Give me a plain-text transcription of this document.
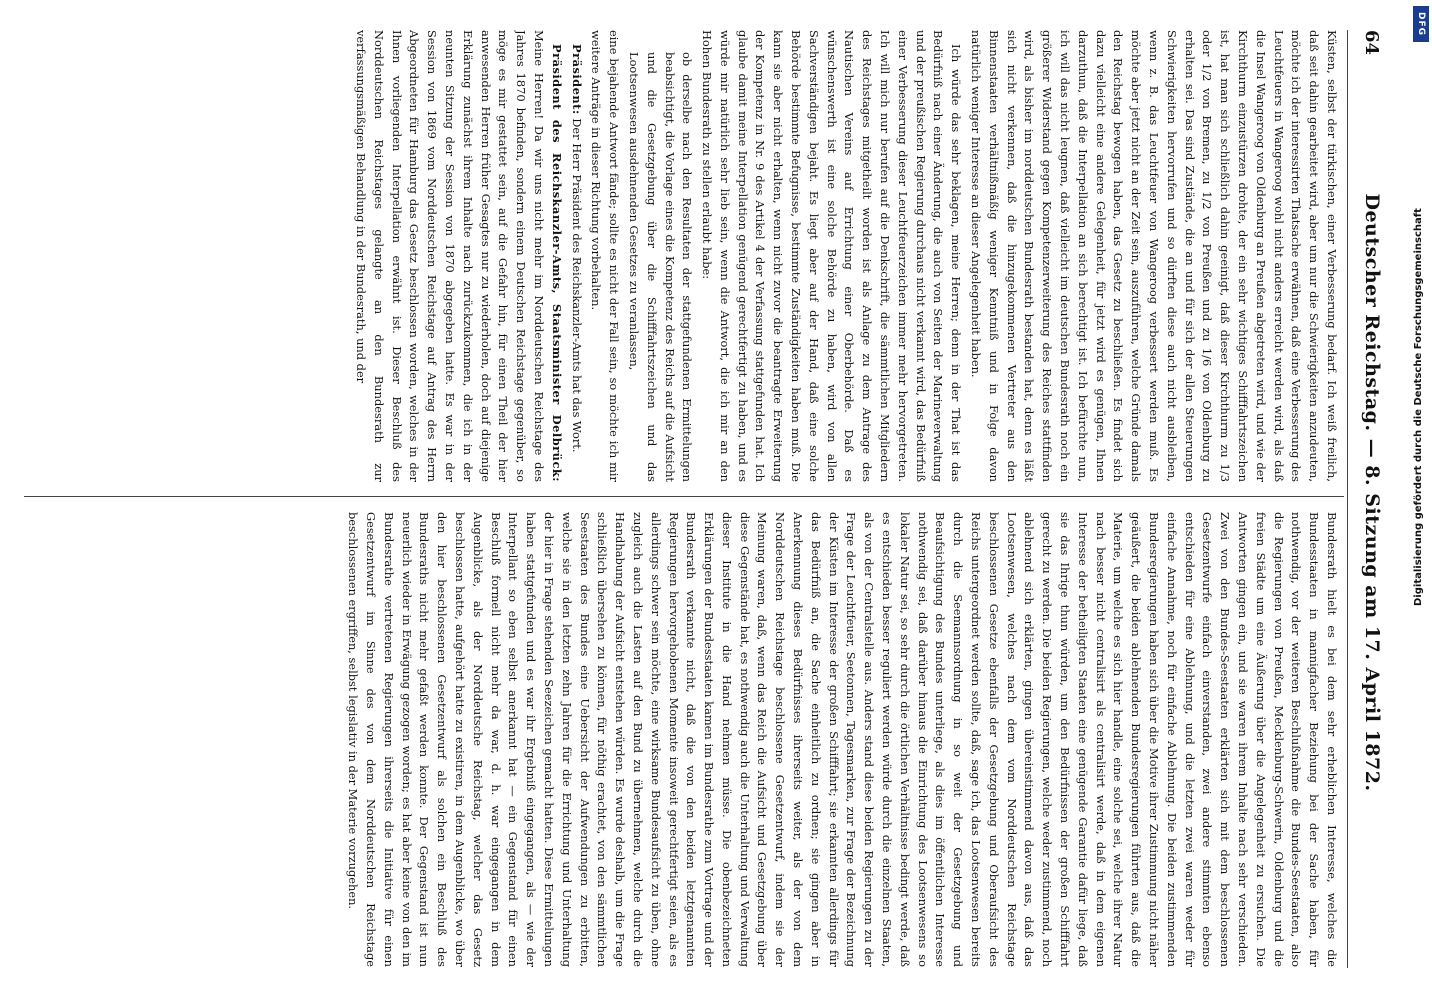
64
Deutscher Reichstag. — 8. Sitzung am 17. April 1872.

Küsten, selbst der türkischen, einer Verbesserung bedarf. Ich weiß freilich, daß seit dahin gearbeitet wird, aber um nur die Schwierigkeiten anzudeuten, möchte ich der interessirten Thatsache erwähnen, daß eine Verbesserung des Leuchtfeuers in Wangeroog wohl nicht anders erreicht werden wird, als daß die Insel Wangeroog von Oldenburg an Preußen abgetreten wird, und wie der Kirchthurm einzustürzen drohte, der ein sehr wichtiges Schifffahrtszeichen ist, hat man sich schließlich dahin geeinigt, daß dieser Kirchthurm zu 1/3 oder 1/2 von Bremen, zu 1/2 von Preußen und zu 1/6 von Oldenburg zu erhalten sei. Das sind Zustände, die an und für sich der allen Steuerungen Schwierigkeiten hervorrufen und so dürften diese auch nicht ausbleiben, wenn z. B. das Leuchtfeuer von Wangeroog verbessert werden muß. Es möchte aber jetzt nicht an der Zeit sein, auszuführen, welche Gründe damals den Reichstag bewogen haben, das Gesetz zu beschließen. Es findet sich dazu vielleicht eine andere Gelegenheit, für jetzt wird es genügen, Ihnen darzuthun, daß die Interpellation an sich berechtigt ist. Ich befürchte nun, ich will das nicht leugnen, daß vielleicht im deutschen Bundesrath noch ein größerer Widerstand gegen Kompetenzerweiterung des Reiches stattfinden wird, als bisher im norddeutschen Bundesrath bestanden hat, denn es läßt sich nicht verkennen, daß die hinzugekommenen Vertreter aus den Binnenstaaten verhältnißmäßig weniger Kenntniß und in Folge davon natürlich weniger Interesse an dieser Angelegenheit haben.

Ich würde das sehr beklagen, meine Herren; denn in der That ist das Bedürfniß nach einer Änderung, die auch von Seiten der Marineverwaltung und der preußischen Regierung durchaus nicht verkannt wird, das Bedürfniß einer Verbesserung dieser Leuchtfeuerzeichen immer mehr hervorgetreten. Ich will mich nur berufen auf die Denkschrift, die sämmtlichen Mitgliedern des Reichstages mitgetheilt worden ist als Anlage zu dem Antrage des Nautischen Vereins auf Errichtung einer Oberbehörde. Daß es wünschenswerth ist eine solche Behörde zu haben, wird von allen Sachverständigen bejaht. Es liegt aber auf der Hand, daß eine solche Behörde bestimmte Befugnisse, bestimmte Zuständigkeiten haben muß. Die kann sie aber nicht erhalten, wenn nicht zuvor die beantragte Erweiterung der Kompetenz in Nr. 9 des Artikel 4 der Verfassung stattgefunden hat. Ich glaube damit meine Interpellation genügend gerechtfertigt zu haben, und es würde mir natürlich sehr lieb sein, wenn die Antwort, die ich mir an den Hohen Bundesrath zu stellen erlaubt habe:

ob derselbe nach den Resultaten der stattgefundenen Ermittelungen beabsichtigt, die Vorlage eines die Kompetenz des Reichs auf die Aufsicht und die Gesetzgebung über die Schifffahrtszeichen und das Lootsenwesen ausdehnenden Gesetzes zu veranlassen,

eine bejahende Antwort fände; sollte es nicht der Fall sein, so möchte ich mir weitere Anträge in dieser Richtung vorbehalten.

Präsident: Der Herr Präsident des Reichskanzler-Amts hat das Wort.

Präsident des Reichskanzler-Amts, Staatsminister Delbrück: Meine Herren! Da wir uns nicht mehr im Norddeutschen Reichstage des Jahres 1870 befinden, sondern einem Deutschen Reichstage gegenüber, so möge es mir gestattet sein, auf die Gefahr hin, für einen Theil der hier anwesenden Herren früher Gesagtes nur zu wiederholen, doch auf diejenige Erklärung zunächst ihrem Inhalte nach zurückzukommen, die ich in der neunten Sitzung der Session von 1870 abgegeben hatte. Es war in der Session von 1869 vom Norddeutschen Reichstage auf Antrag des Herrn Abgeordneten für Hamburg das Gesetz beschlossen worden, welches in der Ihnen vorliegenden Interpellation erwähnt ist. Dieser Beschluß des Norddeutschen Reichstages gelangte an den Bundesrath zur verfassungsmäßigen Behandlung in der Bundesrath, und der

Bundesrath hielt es bei dem sehr erheblichen Interesse, welches die Bundesstaaten in mannigfacher Beziehung bei der Sache haben, für nothwendig, vor der weiteren Beschlußnahme die Bundes-Seestaaten, also die Regierungen von Preußen, Mecklenburg-Schwerin, Oldenburg und die freien Städte um eine Äußerung über die Angelegenheit zu ersuchen. Die Antworten gingen ein, und sie waren ihrem Inhalte nach sehr verschieden. Zwei von den Bundes-Seestaaten erklärten sich mit dem beschlossenen Gesetzentwurfe einfach einverstanden, zwei andere stimmten ebenso entschieden für eine Ablehnung, und die letzten zwei waren weder für einfache Annahme, noch für einfache Ablehnung. Die beiden zustimmenden Bundesregierungen haben sich über die Motive ihrer Zustimmung nicht näher geäußert, die beiden ablehnenden Bundesregierungen führten aus, daß die Materie, um welche es sich hier handle, eine solche sei, welche ihrer Natur nach besser nicht centralisirt als centralisirt werde, daß in dem eigenen Interesse der betheiligten Staaten eine genügende Garantie dafür liege, daß sie das Ihrige thun würden, um den Bedürfnissen der großen Schifffahrt gerecht zu werden. Die beiden Regierungen, welche weder zustimmend, noch ablehnend sich erklärten, gingen übereinstimmend davon aus, daß das Lootsenwesen, welches nach dem vom Norddeutschen Reichstage beschlossenen Gesetze ebenfalls der Gesetzgebung und Oberaufsicht des Reichs untergeordnet werden sollte, daß, sage ich, das Lootsenwesen bereits durch die Seemannsordnung in so weit der Gesetzgebung und Beaufsichtigung des Bundes unterliege, als dies im öffentlichen Interesse nothwendig sei, daß darüber hinaus die Einrichtung des Lootsenwesens so lokaler Natur sei, so sehr durch die örtlichen Verhältnisse bedingt werde, daß es entschieden besser reguliert werden würde durch die einzelnen Staaten, als von der Centralstelle aus. Anders stand diese beiden Regierungen zu der Frage der Leuchtfeuer, Seetonnen, Tagesmarken, zur Frage der Bezeichnung der Küsten im Interesse der großen Schifffahrt; sie erkannten allerdings für das Bedürfniß an, die Sache einheitlich zu ordnen; sie gingen aber in Anerkennung dieses Bedürfnisses ihrerseits weiter, als der von dem Norddeutschen Reichstage beschlossene Gesetzentwurf, indem sie der Meinung waren, daß, wenn das Reich die Aufsicht und Gesetzgebung über diese Gegenstände hat, es nothwendig auch die Unterhaltung und Verwaltung dieser Institute in die Hand nehmen müsse. Die obenbezeichneten Erklärungen der Bundesstaaten kamen im Bundesrathe zum Vortrage und der Bundesrath verkannte nicht, daß die von den beiden letztgenannten Regierungen hervorgehobenen Momente insoweit gerechtfertigt seien, als es allerdings schwer sein möchte, eine wirksame Bundesaufsicht zu üben, ohne zugleich auch die Lasten auf den Bund zu übernehmen, welche durch die Handhabung der Aufsicht entstehen würden. Es wurde deshalb, um die Frage schließlich übersehen zu können, für nöthig erachtet, von den sämmtlichen Seestaaten des Bundes eine Uebersicht der Aufwendungen zu erbitten, welche sie in den letzten zehn Jahren für die Errichtung und Unterhaltung der hier in Frage stehenden Seezeichen gemacht hatten. Diese Ermittelungen haben stattgefunden und es war ihr Ergebniß eingegangen, als — wie der Interpellant so eben selbst anerkannt hat — ein Gegenstand für einen Beschluß formell nicht mehr da war, d. h. war eingegangen in dem Augenblicke, als der Norddeutsche Reichstag, welcher das Gesetz beschlossen hatte, aufgehört hatte zu existiren, in dem Augenblicke, wo über den hier beschlossenen Gesetzentwurf als solchen ein Beschluß des Bundesraths nicht mehr gefaßt werden konnte. Der Gegenstand ist nun neuerlich wieder in Erwägung gezogen worden; es hat aber keine von den im Bundesrathe vertretenen Regierungen ihrerseits die Initiative für einen Gesetzentwurf im Sinne des von dem Norddeutschen Reichstage beschlossenen ergriffen, selbst legislativ in der Materie vorzugehen.

DFG
Digitalisierung gefördert durch die Deutsche Forschungsgemeinschaft
